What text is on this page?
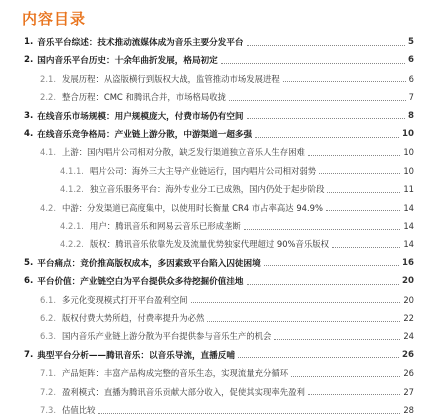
内容目录
1. 音乐平台综述：技术推动流媒体成为音乐主要分发平台	5
2. 国内音乐平台历史：十余年曲折发展，格局初定	6
2.1. 发展历程：从盗版横行到版权大战，监管推动市场发展进程	6
2.2. 整合历程：CMC 和腾讯合并，市场格局收拢	7
3. 在线音乐市场规模：用户规模庞大，付费市场仍有空间	8
4. 在线音乐竞争格局：产业链上游分散，中游渠道一超多强	10
4.1. 上游：国内唱片公司相对分散，缺乏发行渠道独立音乐人生存困难	10
4.1.1. 唱片公司：海外三大主导产业链运行，国内唱片公司相对弱势	10
4.1.2. 独立音乐服务平台：海外专业分工已成熟，国内仍处于起步阶段	11
4.2. 中游：分发渠道已高度集中，以使用时长衡量 CR4 市占率高达 94.9%	14
4.2.1. 用户：腾讯音乐和网易云音乐已形成垄断	14
4.2.2. 版权：腾讯音乐依靠先发及流量优势独家代理超过 90%音乐版权	14
5. 平台痛点：竞价推高版权成本，多因素致平台陷入囚徒困境	16
6. 平台价值：产业链空白为平台提供众多待挖掘价值洼地	20
6.1. 多元化变现模式打开平台盈利空间	20
6.2. 版权付费大势所趋，付费率提升为必然	22
6.3. 国内音乐产业链上游分散为平台提供参与音乐生产的机会	24
7. 典型平台分析——腾讯音乐：以音乐导流，直播反哺	26
7.1. 产品矩阵：丰富产品构成完整的音乐生态，实现流量充分循环	26
7.2. 盈利模式：直播为腾讯音乐贡献大部分收入，促使其实现率先盈利	27
7.3. 估值比较	28
